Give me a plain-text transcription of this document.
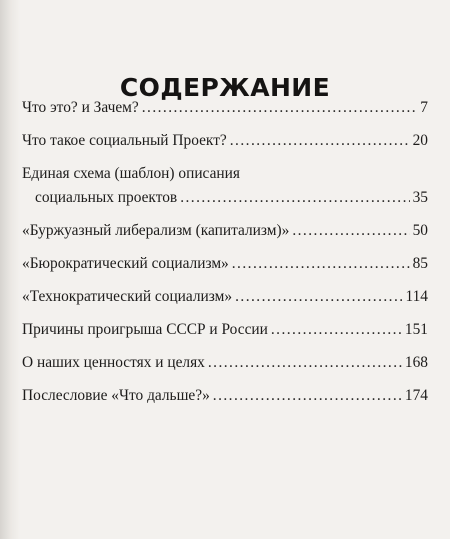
СОДЕРЖАНИЕ
Что это? и Зачем? . . .	7
Что такое социальный Проект? . . .	20
Единая схема (шаблон) описания
социальных проектов . . .	35
«Буржуазный либерализм (капитализм)» . . .	50
«Бюрократический социализм» . . .	85
«Технократический социализм» . . .	114
Причины проигрыша СССР и России . . .	151
О наших ценностях и целях . . .	168
Послесловие «Что дальше?» . . .	174
